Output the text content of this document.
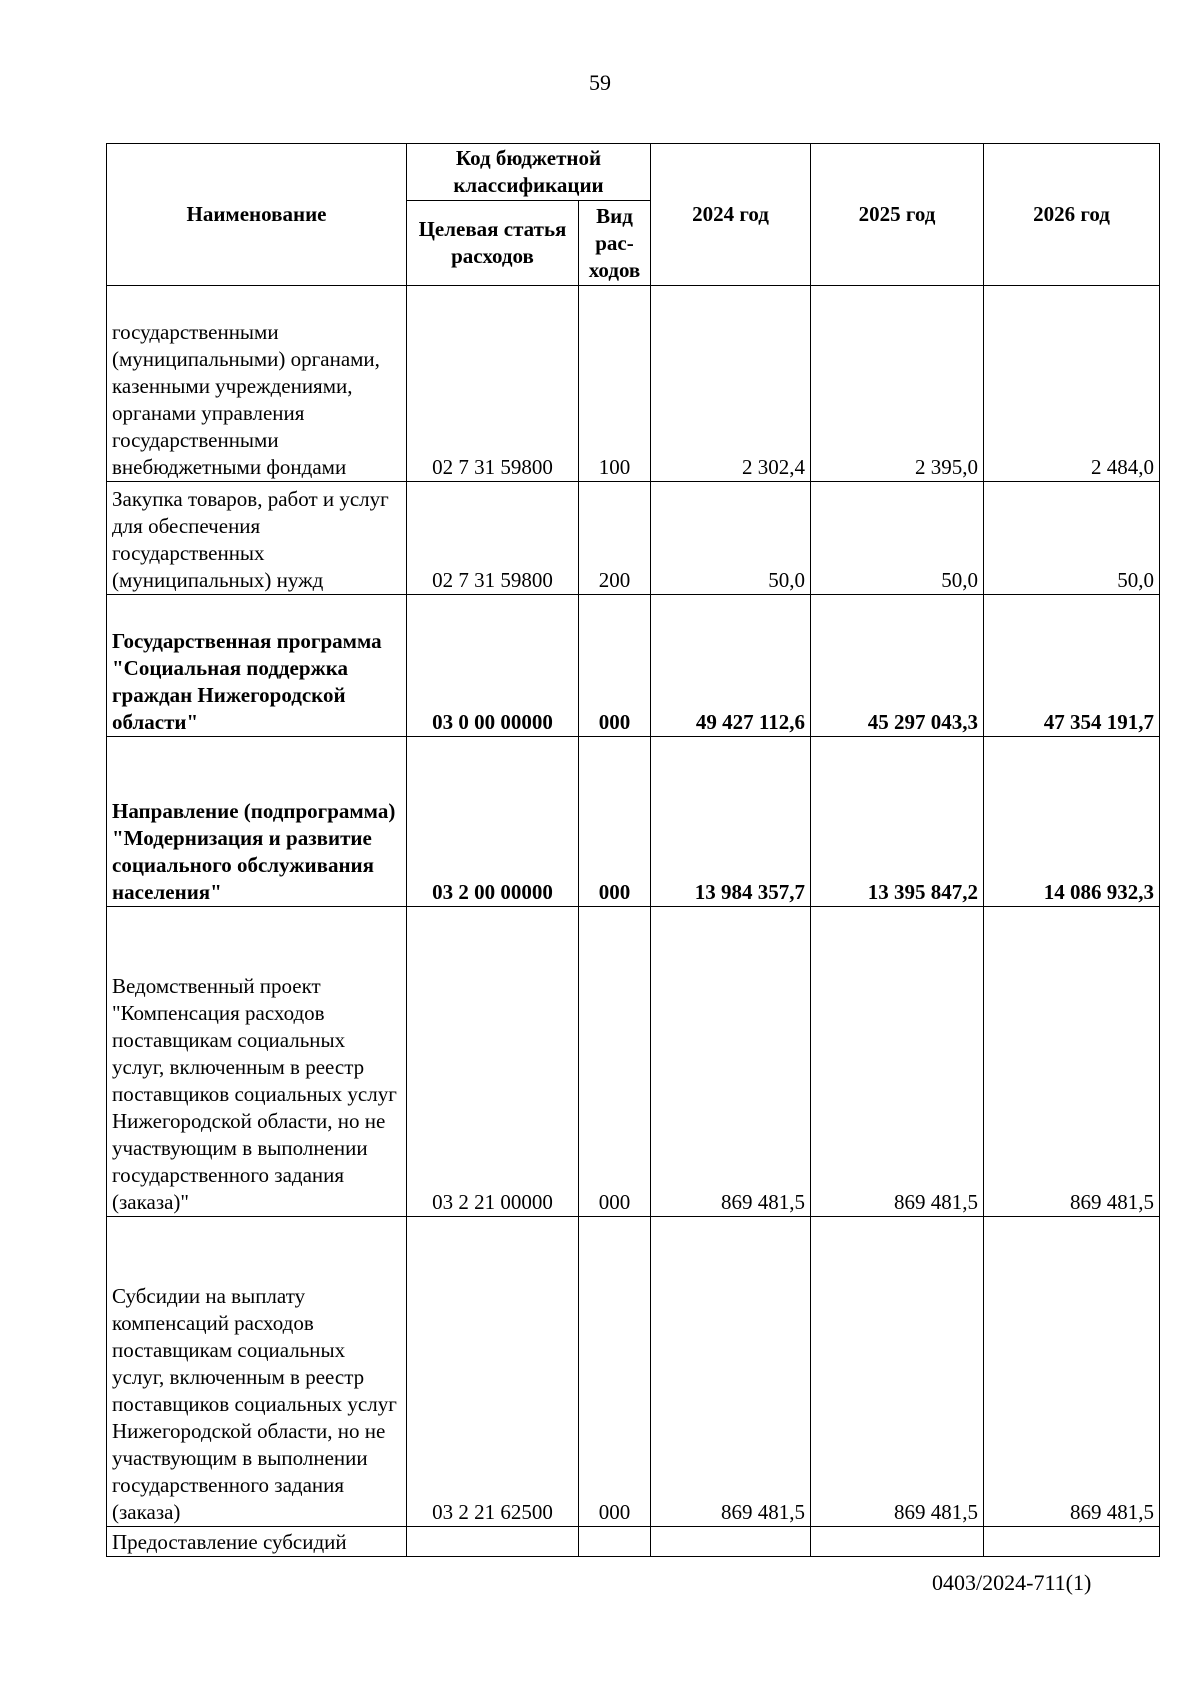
59
Наименование	Код бюджетной классификации		2024 год	2025 год	2026 год
	Целевая статья расходов	Вид рас-ходов			
государственными (муниципальными) органами, казенными учреждениями, органами управления государственными внебюджетными фондами	02 7 31 59800	100	2 302,4	2 395,0	2 484,0
Закупка товаров, работ и услуг для обеспечения государственных (муниципальных) нужд	02 7 31 59800	200	50,0	50,0	50,0
Государственная программа "Социальная поддержка граждан Нижегородской области"	03 0 00 00000	000	49 427 112,6	45 297 043,3	47 354 191,7
Направление (подпрограмма) "Модернизация и развитие социального обслуживания населения"	03 2 00 00000	000	13 984 357,7	13 395 847,2	14 086 932,3
Ведомственный проект "Компенсация расходов поставщикам социальных услуг, включенным в реестр поставщиков социальных услуг Нижегородской области, но не участвующим в выполнении государственного задания (заказа)"	03 2 21 00000	000	869 481,5	869 481,5	869 481,5
Субсидии на выплату компенсаций расходов поставщикам социальных услуг, включенным в реестр поставщиков социальных услуг Нижегородской области, но не участвующим в выполнении государственного задания (заказа)	03 2 21 62500	000	869 481,5	869 481,5	869 481,5
Предоставление субсидий					
0403/2024-711(1)
